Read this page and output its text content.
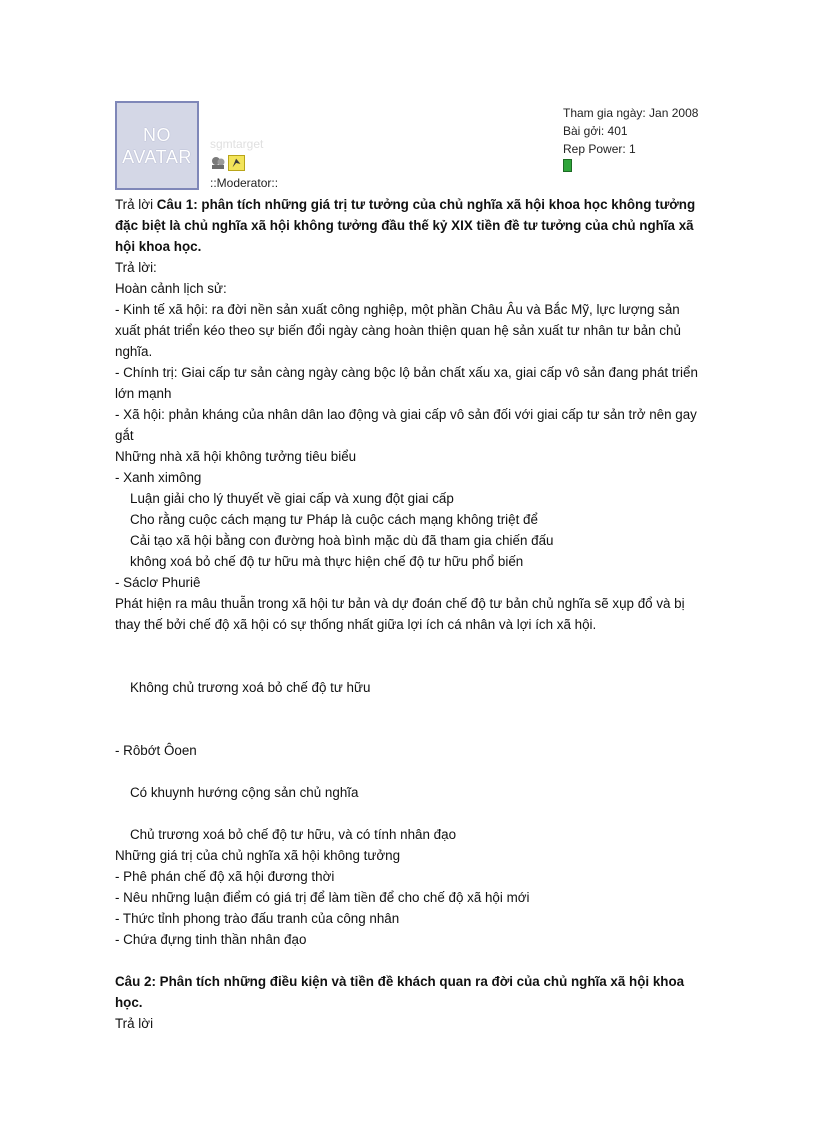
NO
AVATAR
sgmtarget
::Moderator::
Tham gia ngày: Jan 2008
Bài gởi: 401
Rep Power: 1

Trả lời Câu 1: phân tích những giá trị tư tưởng của chủ nghĩa xã hội khoa học không tưởng đặc biệt là chủ nghĩa xã hội không tưởng đầu thế kỷ XIX tiền đề tư tưởng của chủ nghĩa xã hội khoa học.

Trả lời:

Hoàn cảnh lịch sử:

- Kinh tế xã hội: ra đời nền sản xuất công nghiệp, một phần Châu Âu và Bắc Mỹ, lực lượng sản xuất phát triển kéo theo sự biến đổi ngày càng hoàn thiện quan hệ sản xuất tư nhân tư bản chủ nghĩa.

- Chính trị: Giai cấp tư sản càng ngày càng bộc lộ bản chất xấu xa, giai cấp vô sản đang phát triển lớn mạnh

- Xã hội: phản kháng của nhân dân lao động và giai cấp vô sản đối với giai cấp tư sản trở nên gay gắt

Những nhà xã hội không tưởng tiêu biểu

- Xanh ximông

Luận giải cho lý thuyết về giai cấp và xung đột giai cấp

Cho rằng cuộc cách mạng tư Pháp là cuộc cách mạng không triệt để

Cải tạo xã hội bằng con đường hoà bình mặc dù đã tham gia chiến đấu

không xoá bỏ chế độ tư hữu mà thực hiện chế độ tư hữu phổ biến

- Sáclơ Phuriê

Phát hiện ra mâu thuẫn trong xã hội tư bản và dự đoán chế độ tư bản chủ nghĩa sẽ xụp đổ và bị thay thế bởi chế độ xã hội có sự thống nhất giữa lợi ích cá nhân và lợi ích xã hội.

Không chủ trương xoá bỏ chế độ tư hữu

- Rôbớt Ôoen

Có khuynh hướng cộng sản chủ nghĩa

Chủ trương xoá bỏ chế độ tư hữu, và có tính nhân đạo

Những giá trị của chủ nghĩa xã hội không tưởng

- Phê phán chế độ xã hội đương thời

- Nêu những luận điểm có giá trị để làm tiền để cho chế độ xã hội mới

- Thức tỉnh phong trào đấu tranh của công nhân

- Chứa đựng tinh thần nhân đạo

Câu 2: Phân tích những điều kiện và tiền đề khách quan ra đời của chủ nghĩa xã hội khoa học.

Trả lời
